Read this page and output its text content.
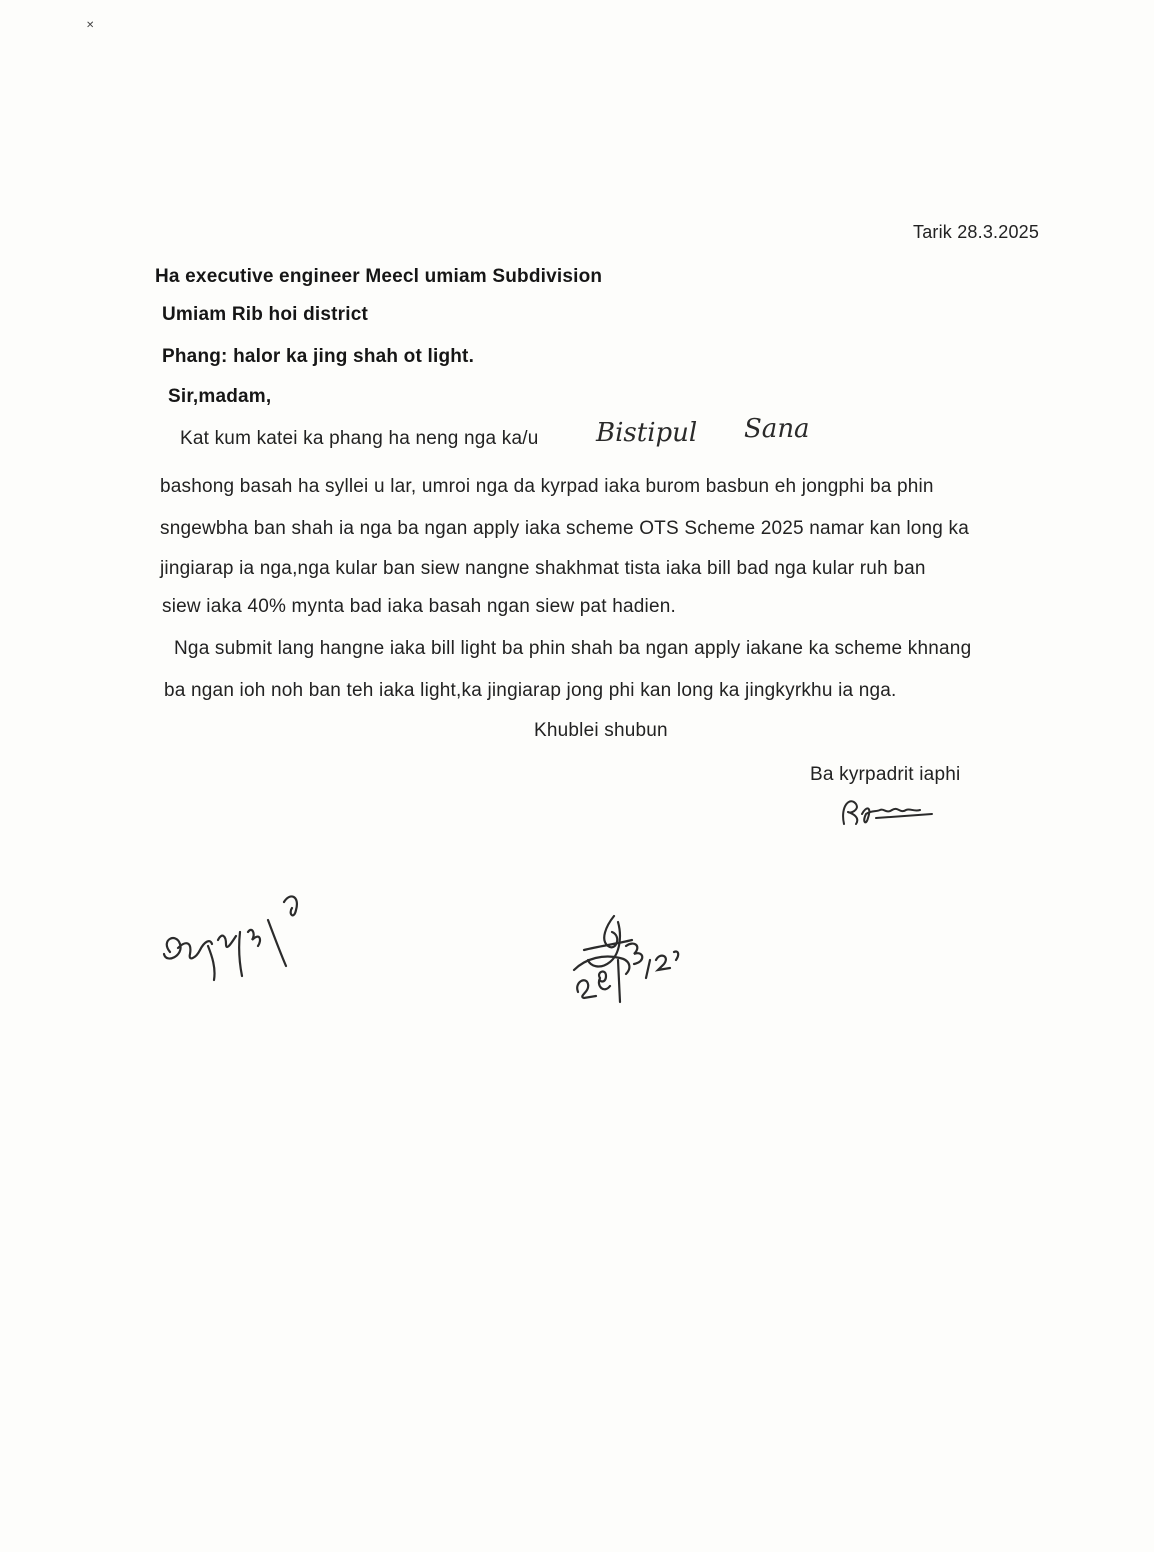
✕
Tarik 28.3.2025
Ha executive engineer Meecl umiam Subdivision
Umiam Rib hoi district
Phang: halor ka jing shah ot light.
Sir,madam,
Kat kum katei ka phang ha neng nga ka/u Bistipul Sana
bashong basah ha syllei u lar, umroi nga da kyrpad iaka burom basbun eh jongphi ba phin
sngewbha ban shah ia nga ba ngan apply iaka scheme OTS Scheme 2025 namar kan long ka
jingiarap ia nga,nga kular ban siew nangne shakhmat tista iaka bill bad nga kular ruh ban
siew iaka 40% mynta bad iaka basah ngan siew pat hadien.
Nga submit lang hangne iaka bill light ba phin shah ba ngan apply iakane ka scheme khnang
ba ngan ioh noh ban teh iaka light,ka jingiarap jong phi kan long ka jingkyrkhu ia nga.
Khublei shubun
Ba kyrpadrit iaphi
